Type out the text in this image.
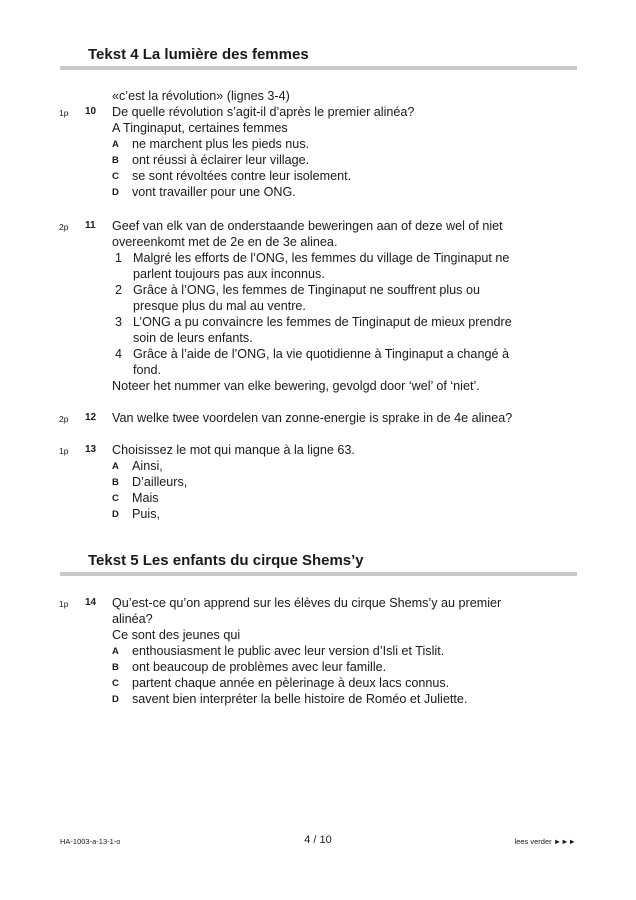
Tekst 4 La lumière des femmes
«c’est la révolution» (lignes 3-4)
1p 10 De quelle révolution s’agit-il d’après le premier alinéa?
A Tinginaput, certaines femmes
A ne marchent plus les pieds nus.
B ont réussi à éclairer leur village.
C se sont révoltées contre leur isolement.
D vont travailler pour une ONG.
2p 11 Geef van elk van de onderstaande beweringen aan of deze wel of niet
overeenkomt met de 2e en de 3e alinea.
1 Malgré les efforts de l’ONG, les femmes du village de Tinginaput ne
parlent toujours pas aux inconnus.
2 Grâce à l’ONG, les femmes de Tinginaput ne souffrent plus ou
presque plus du mal au ventre.
3 L’ONG a pu convaincre les femmes de Tinginaput de mieux prendre
soin de leurs enfants.
4 Grâce à l’aide de l’ONG, la vie quotidienne à Tinginaput a changé à
fond.
Noteer het nummer van elke bewering, gevolgd door ‘wel’ of ‘niet’.
2p 12 Van welke twee voordelen van zonne-energie is sprake in de 4e alinea?
1p 13 Choisissez le mot qui manque à la ligne 63.
A Ainsi,
B D’ailleurs,
C Mais
D Puis,
Tekst 5 Les enfants du cirque Shems’y
1p 14 Qu’est-ce qu’on apprend sur les élèves du cirque Shems’y au premier
alinéa?
Ce sont des jeunes qui
A enthousiasment le public avec leur version d’Isli et Tislit.
B ont beaucoup de problèmes avec leur famille.
C partent chaque année en pèlerinage à deux lacs connus.
D savent bien interpréter la belle histoire de Roméo et Juliette.
HA-1003-a-13-1-o	4 / 10	lees verder ►►►
